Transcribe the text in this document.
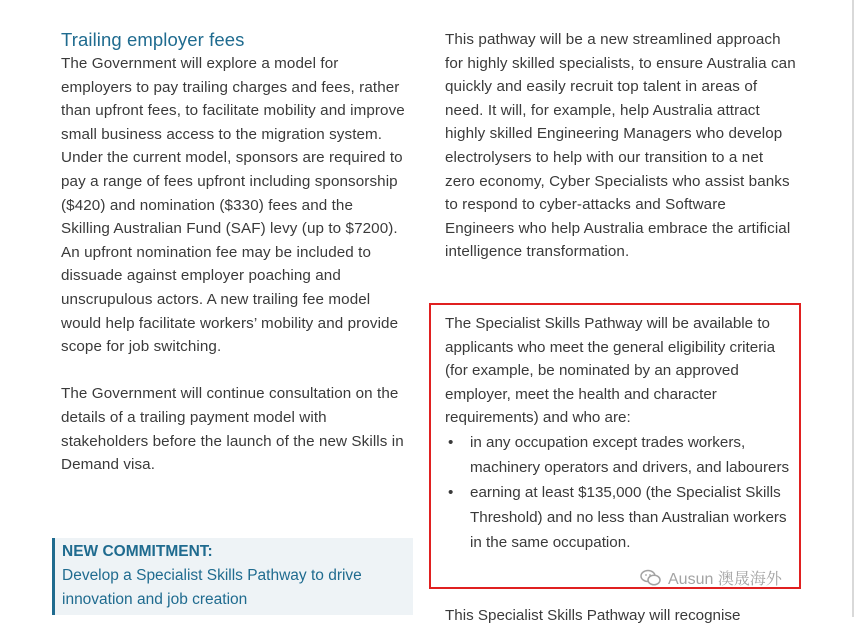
Trailing employer fees

The Government will explore a model for employers to pay trailing charges and fees, rather than upfront fees, to facilitate mobility and improve small business access to the migration system. Under the current model, sponsors are required to pay a range of fees upfront including sponsorship ($420) and nomination ($330) fees and the Skilling Australian Fund (SAF) levy (up to $7200). An upfront nomination fee may be included to dissuade against employer poaching and unscrupulous actors. A new trailing fee model would help facilitate workers’ mobility and provide scope for job switching.

The Government will continue consultation on the details of a trailing payment model with stakeholders before the launch of the new Skills in Demand visa.

NEW COMMITMENT:
Develop a Specialist Skills Pathway to drive innovation and job creation

This pathway will be a new streamlined approach for highly skilled specialists, to ensure Australia can quickly and easily recruit top talent in areas of need. It will, for example, help Australia attract highly skilled Engineering Managers who develop electrolysers to help with our transition to a net zero economy, Cyber Specialists who assist banks to respond to cyber-attacks and Software Engineers who help Australia embrace the artificial intelligence transformation.

The Specialist Skills Pathway will be available to applicants who meet the general eligibility criteria (for example, be nominated by an approved employer, meet the health and character requirements) and who are:

• in any occupation except trades workers, machinery operators and drivers, and labourers
• earning at least $135,000 (the Specialist Skills Threshold) and no less than Australian workers in the same occupation.
This Specialist Skills Pathway will recognise
Ausun 澳晟海外
